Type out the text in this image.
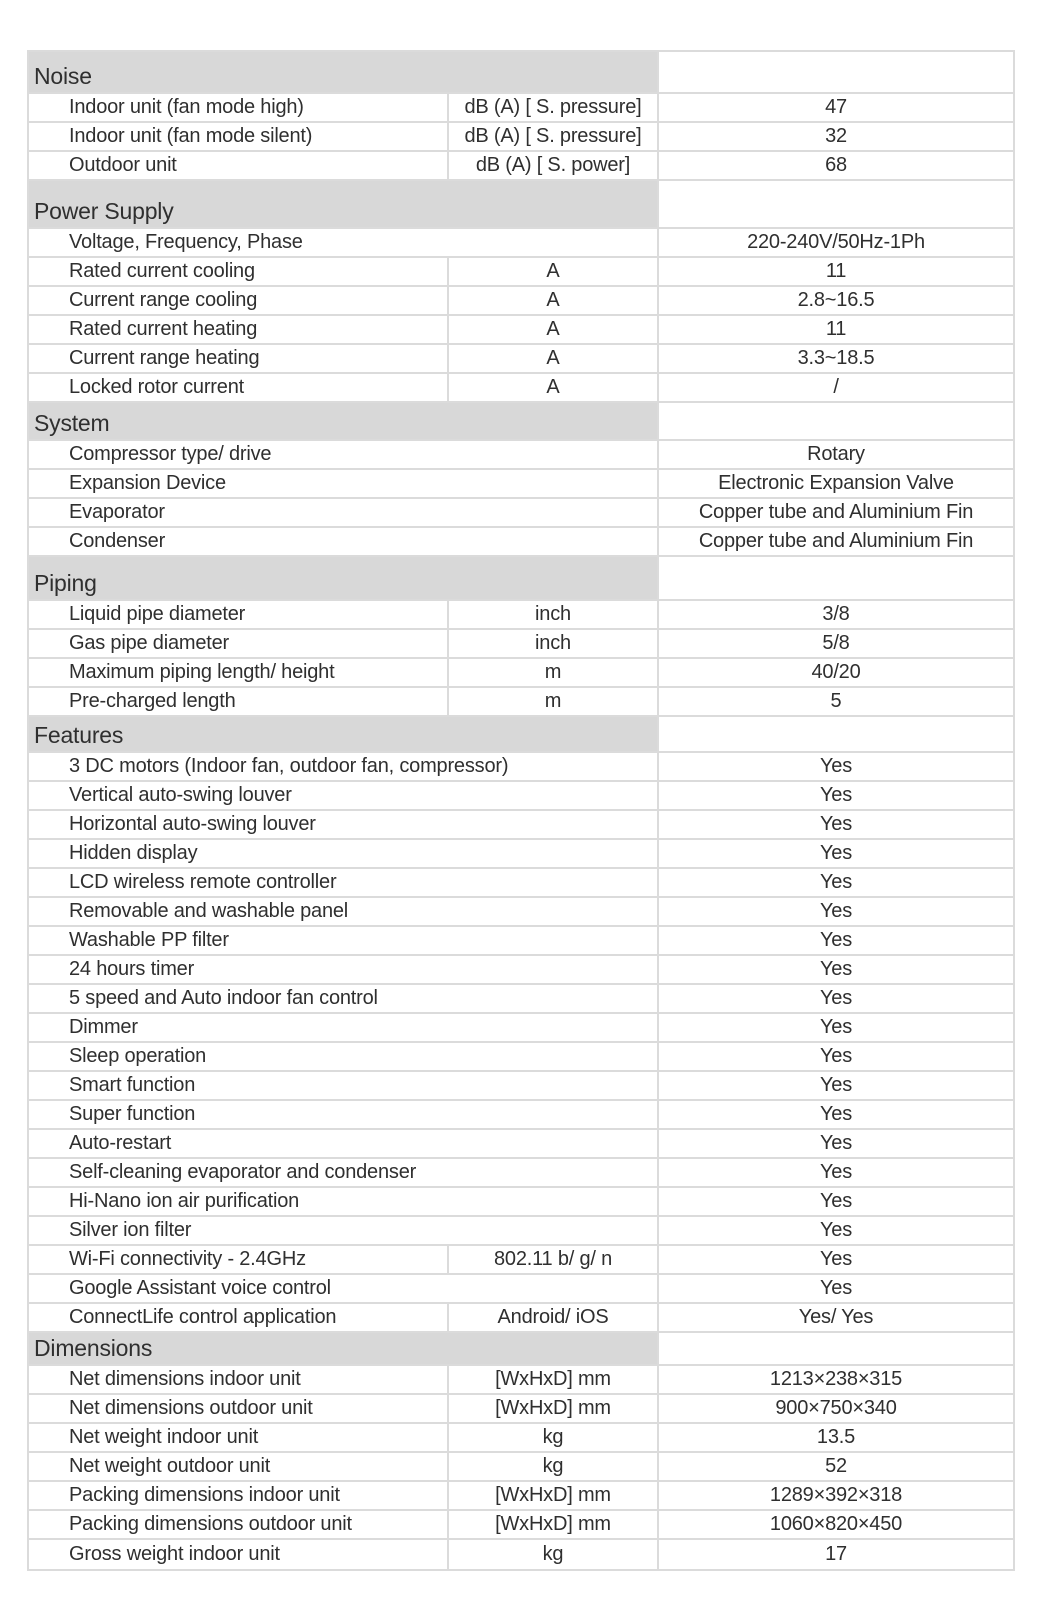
Noise
Indoor unit (fan mode high)	dB (A) [ S. pressure]	47
Indoor unit (fan mode silent)	dB (A) [ S. pressure]	32
Outdoor unit	dB (A) [ S. power]	68
Power Supply
Voltage, Frequency, Phase	220-240V/50Hz-1Ph
Rated current cooling	A	11
Current range cooling	A	2.8~16.5
Rated current heating	A	11
Current range heating	A	3.3~18.5
Locked rotor current	A	/
System
Compressor type/ drive	Rotary
Expansion Device	Electronic Expansion Valve
Evaporator	Copper tube and Aluminium Fin
Condenser	Copper tube and Aluminium Fin
Piping
Liquid pipe diameter	inch	3/8
Gas pipe diameter	inch	5/8
Maximum piping length/ height	m	40/20
Pre-charged length	m	5
Features
3 DC motors (Indoor fan, outdoor fan, compressor)	Yes
Vertical auto-swing louver	Yes
Horizontal auto-swing louver	Yes
Hidden display	Yes
LCD wireless remote controller	Yes
Removable and washable panel	Yes
Washable PP filter	Yes
24 hours timer	Yes
5 speed and Auto indoor fan control	Yes
Dimmer	Yes
Sleep operation	Yes
Smart function	Yes
Super function	Yes
Auto-restart	Yes
Self-cleaning evaporator and condenser	Yes
Hi-Nano ion air purification	Yes
Silver ion filter	Yes
Wi-Fi connectivity - 2.4GHz	802.11 b/ g/ n	Yes
Google Assistant voice control	Yes
ConnectLife control application	Android/ iOS	Yes/ Yes
Dimensions
Net dimensions indoor unit	[WxHxD] mm	1213×238×315
Net dimensions outdoor unit	[WxHxD] mm	900×750×340
Net weight indoor unit	kg	13.5
Net weight outdoor unit	kg	52
Packing dimensions indoor unit	[WxHxD] mm	1289×392×318
Packing dimensions outdoor unit	[WxHxD] mm	1060×820×450
Gross weight indoor unit	kg	17
